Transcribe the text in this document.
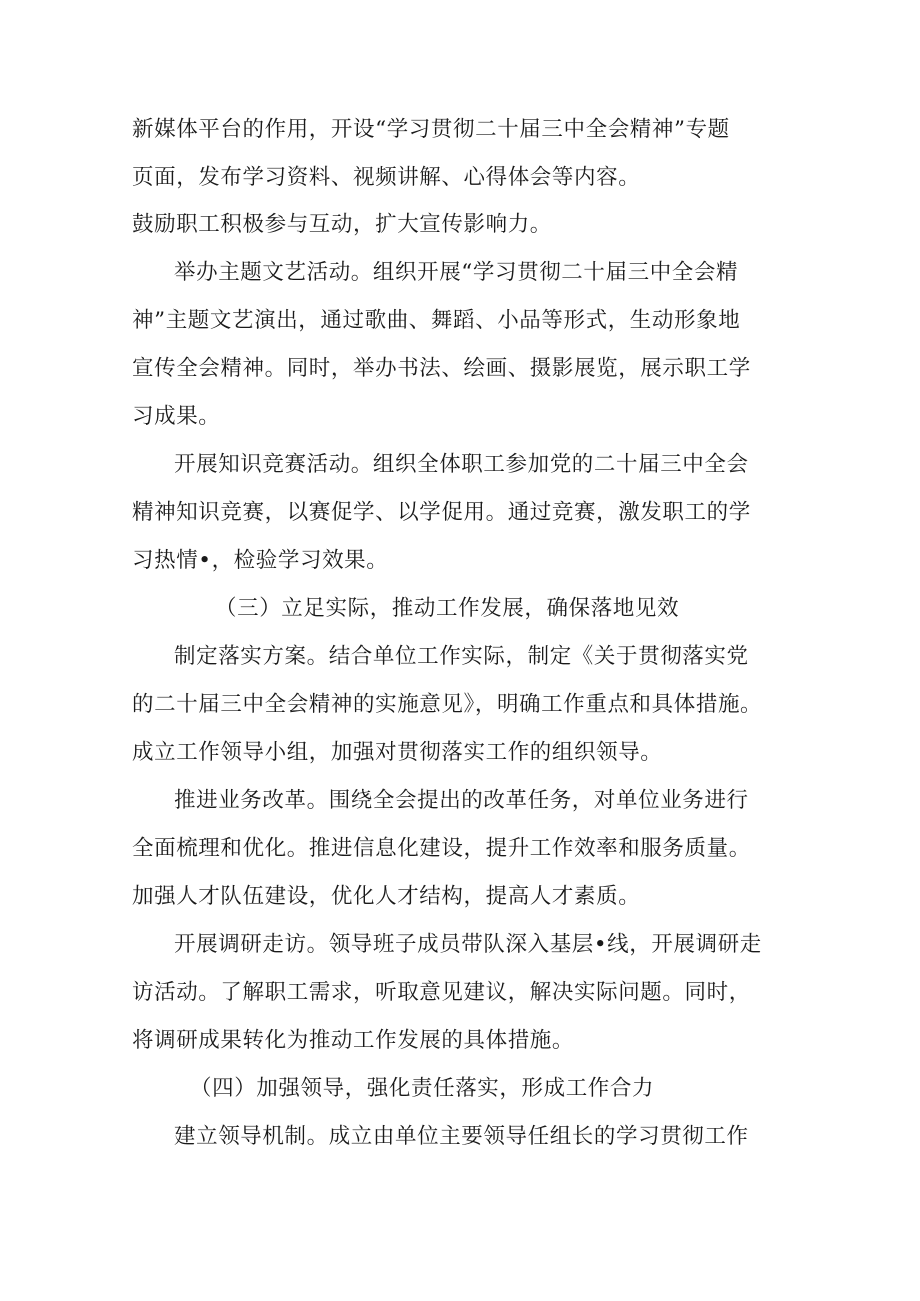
新媒体平台的作用，开设“学习贯彻二十届三中全会精神”专题
页面，发布学习资料、视频讲解、心得体会等内容。
鼓励职工积极参与互动，扩大宣传影响力。
举办主题文艺活动。组织开展“学习贯彻二十届三中全会精
神”主题文艺演出，通过歌曲、舞蹈、小品等形式，生动形象地
宣传全会精神。同时，举办书法、绘画、摄影展览，展示职工学
习成果。
开展知识竞赛活动。组织全体职工参加党的二十届三中全会
精神知识竞赛，以赛促学、以学促用。通过竞赛，激发职工的学
习热情•，检验学习效果。
（三）立足实际，推动工作发展，确保落地见效
制定落实方案。结合单位工作实际，制定《关于贯彻落实党
的二十届三中全会精神的实施意见》，明确工作重点和具体措施。
成立工作领导小组，加强对贯彻落实工作的组织领导。
推进业务改革。围绕全会提出的改革任务，对单位业务进行
全面梳理和优化。推进信息化建设，提升工作效率和服务质量。
加强人才队伍建设，优化人才结构，提高人才素质。
开展调研走访。领导班子成员带队深入基层•线，开展调研走
访活动。了解职工需求，听取意见建议，解决实际问题。同时，
将调研成果转化为推动工作发展的具体措施。
（四）加强领导，强化责任落实，形成工作合力
建立领导机制。成立由单位主要领导任组长的学习贯彻工作
